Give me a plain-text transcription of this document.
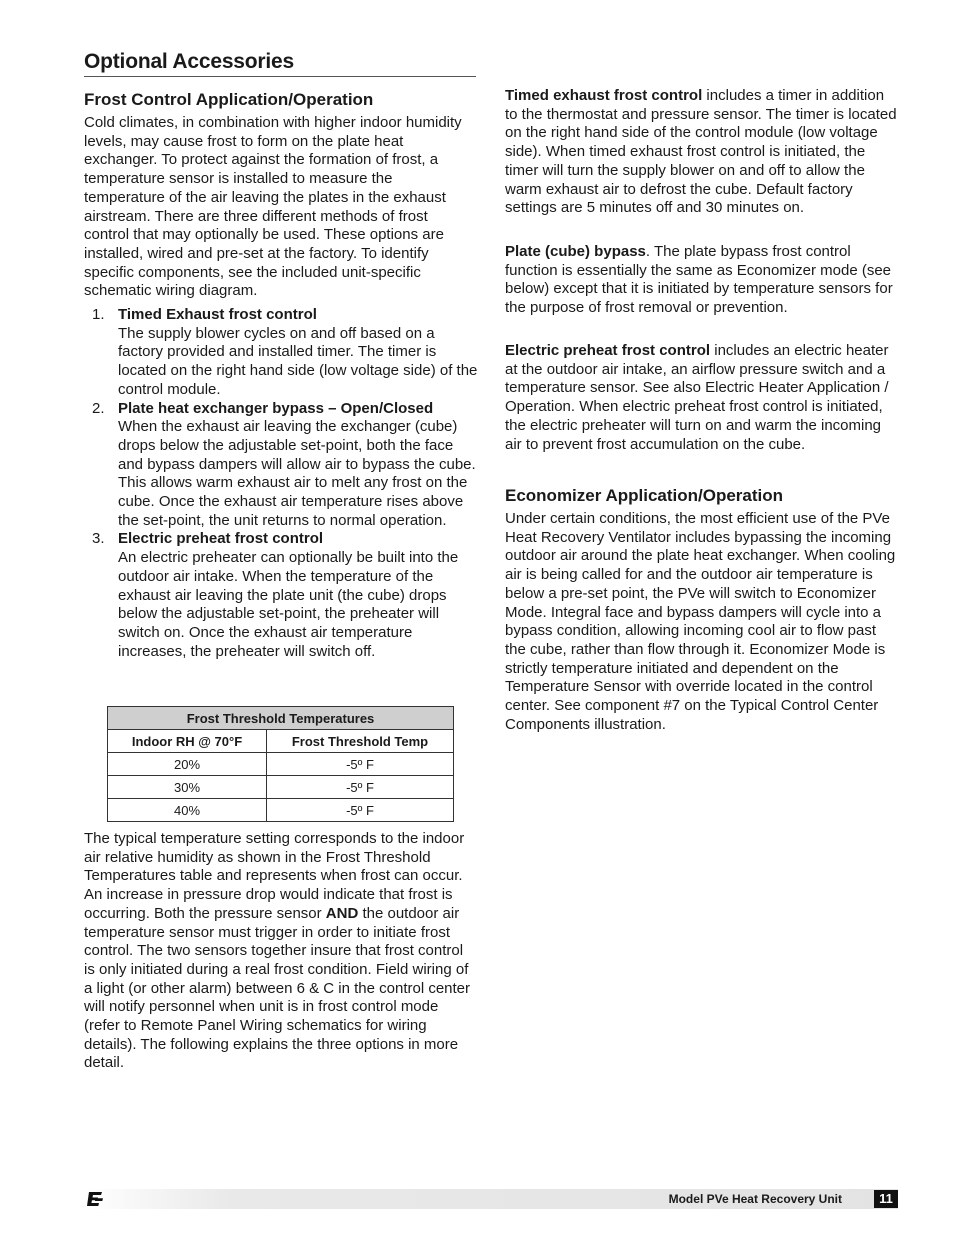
Optional Accessories
Frost Control Application/Operation

Cold climates, in combination with higher indoor humidity levels, may cause frost to form on the plate heat exchanger. To protect against the formation of frost, a temperature sensor is installed to measure the temperature of the air leaving the plates in the exhaust airstream. There are three different methods of frost control that may optionally be used. These options are installed, wired and pre-set at the factory. To identify specific components, see the included unit-specific schematic wiring diagram.

1. Timed Exhaust frost control

The supply blower cycles on and off based on a factory provided and installed timer. The timer is located on the right hand side (low voltage side) of the control module.

2. Plate heat exchanger bypass – Open/Closed

When the exhaust air leaving the exchanger (cube) drops below the adjustable set-point, both the face and bypass dampers will allow air to bypass the cube. This allows warm exhaust air to melt any frost on the cube. Once the exhaust air temperature rises above the set-point, the unit returns to normal operation.

3. Electric preheat frost control

An electric preheater can optionally be built into the outdoor air intake. When the temperature of the exhaust air leaving the plate unit (the cube) drops below the adjustable set-point, the preheater will switch on. Once the exhaust air temperature increases, the preheater will switch off.

Frost Threshold Temperatures	
Indoor RH @ 70°F	Frost Threshold Temp
20%	-5º F
30%	-5º F
40%	-5º F

The typical temperature setting corresponds to the indoor air relative humidity as shown in the Frost Threshold Temperatures table and represents when frost can occur. An increase in pressure drop would indicate that frost is occurring. Both the pressure sensor AND the outdoor air temperature sensor must trigger in order to initiate frost control. The two sensors together insure that frost control is only initiated during a real frost condition. Field wiring of a light (or other alarm) between 6 & C in the control center will notify personnel when unit is in frost control mode (refer to Remote Panel Wiring schematics for wiring details). The following explains the three options in more detail.

Timed exhaust frost control includes a timer in addition to the thermostat and pressure sensor. The timer is located on the right hand side of the control module (low voltage side). When timed exhaust frost control is initiated, the timer will turn the supply blower on and off to allow the warm exhaust air to defrost the cube. Default factory settings are 5 minutes off and 30 minutes on.

Plate (cube) bypass. The plate bypass frost control function is essentially the same as Economizer mode (see below) except that it is initiated by temperature sensors for the purpose of frost removal or prevention.

Electric preheat frost control includes an electric heater at the outdoor air intake, an airflow pressure switch and a temperature sensor. See also Electric Heater Application / Operation. When electric preheat frost control is initiated, the electric preheater will turn on and warm the incoming air to prevent frost accumulation on the cube.

Economizer Application/Operation

Under certain conditions, the most efficient use of the PVe Heat Recovery Ventilator includes bypassing the incoming outdoor air around the plate heat exchanger. When cooling air is being called for and the outdoor air temperature is below a pre-set point, the PVe will switch to Economizer Mode. Integral face and bypass dampers will cycle into a bypass condition, allowing incoming cool air to flow past the cube, rather than flow through it. Economizer Mode is strictly temperature initiated and dependent on the Temperature Sensor with override located in the control center. See component #7 on the Typical Control Center Components illustration.

Model PVe Heat Recovery Unit	11
